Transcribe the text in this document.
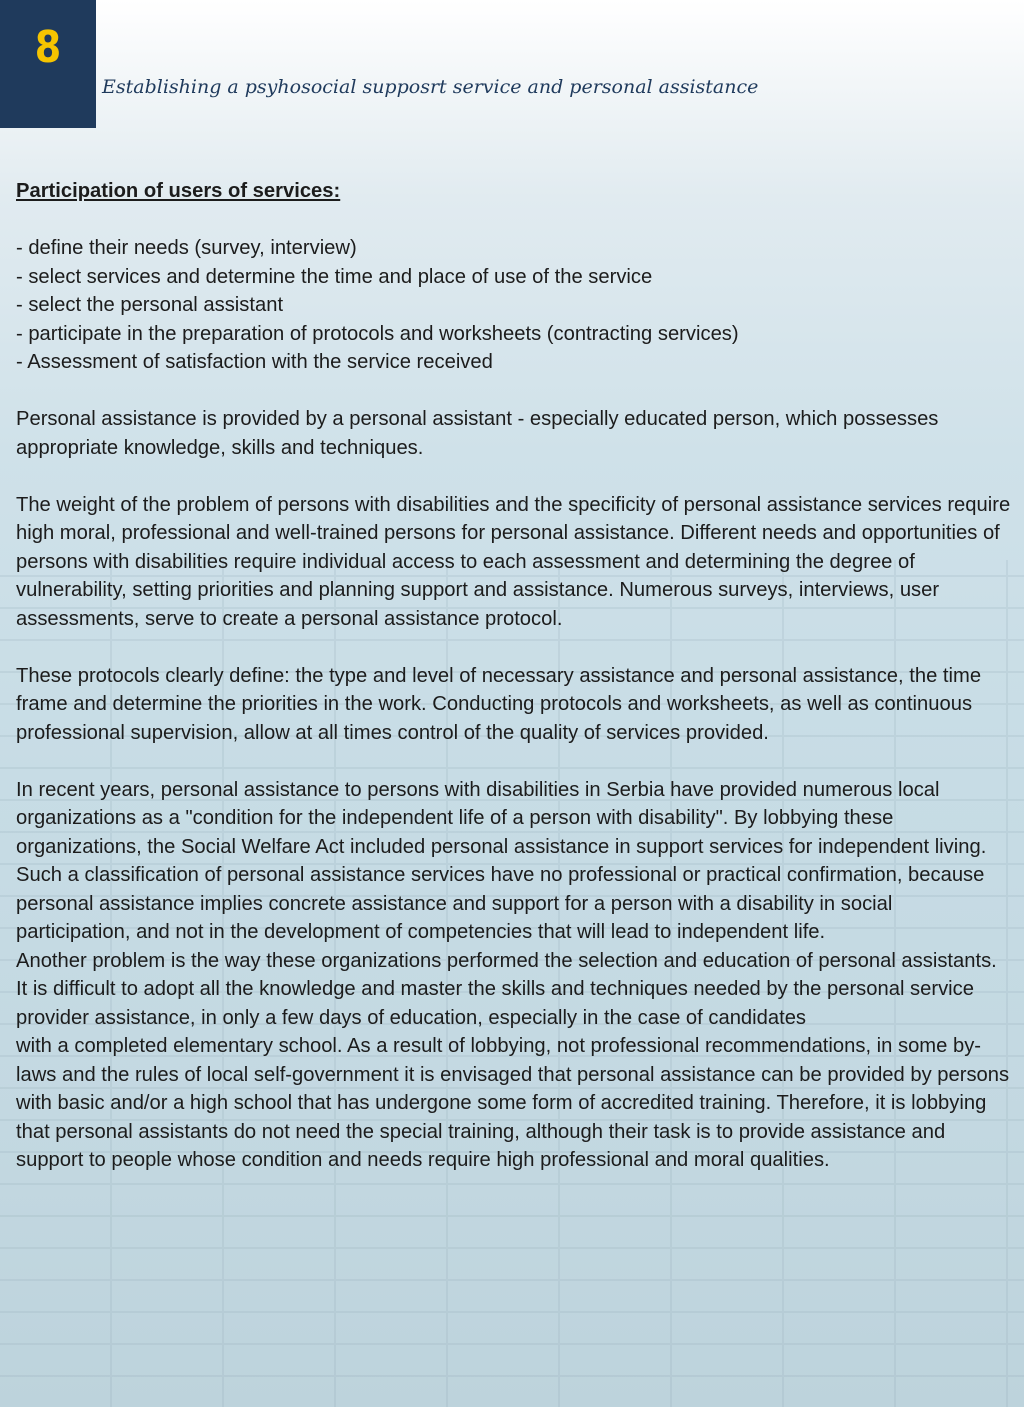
8
Establishing a psyhosocial supposrt service and personal assistance

Participation of users of services:

- define their needs (survey, interview)
- select services and determine the time and place of use of the service
- select the personal assistant
- participate in the preparation of protocols and worksheets (contracting services)
- Assessment of satisfaction with the service received

Personal assistance is provided by a personal assistant - especially educated person, which possesses appropriate knowledge, skills and techniques.

The weight of the problem of persons with disabilities and the specificity of personal assistance services require high moral, professional and well-trained persons for personal assistance. Different needs and opportunities of persons with disabilities require individual access to each assessment and determining the degree of vulnerability, setting priorities and planning support and assistance. Numerous surveys, interviews, user assessments, serve to create a personal assistance protocol.

These protocols clearly define: the type and level of necessary assistance and personal assistance, the time frame and determine the priorities in the work. Conducting protocols and worksheets, as well as continuous professional supervision, allow at all times control of the quality of services provided.

In recent years, personal assistance to persons with disabilities in Serbia have provided numerous local organizations as a "condition for the independent life of a person with disability". By lobbying these organizations, the Social Welfare Act included personal assistance in support services for independent living. Such a classification of personal assistance services have no professional or practical confirmation, because personal assistance implies concrete assistance and support for a person with a disability in social participation, and not in the development of competencies that will lead to independent life.

Another problem is the way these organizations performed the selection and education of personal assistants. It is difficult to adopt all the knowledge and master the skills and techniques needed by the personal service provider assistance, in only a few days of education, especially in the case of candidates

with a completed elementary school. As a result of lobbying, not professional recommendations, in some by-laws and the rules of local self-government it is envisaged that personal assistance can be provided by persons with basic and/or a high school that has undergone some form of accredited training. Therefore, it is lobbying that personal assistants do not need the special training, although their task is to provide assistance and support to people whose condition and needs require high professional and moral qualities.
